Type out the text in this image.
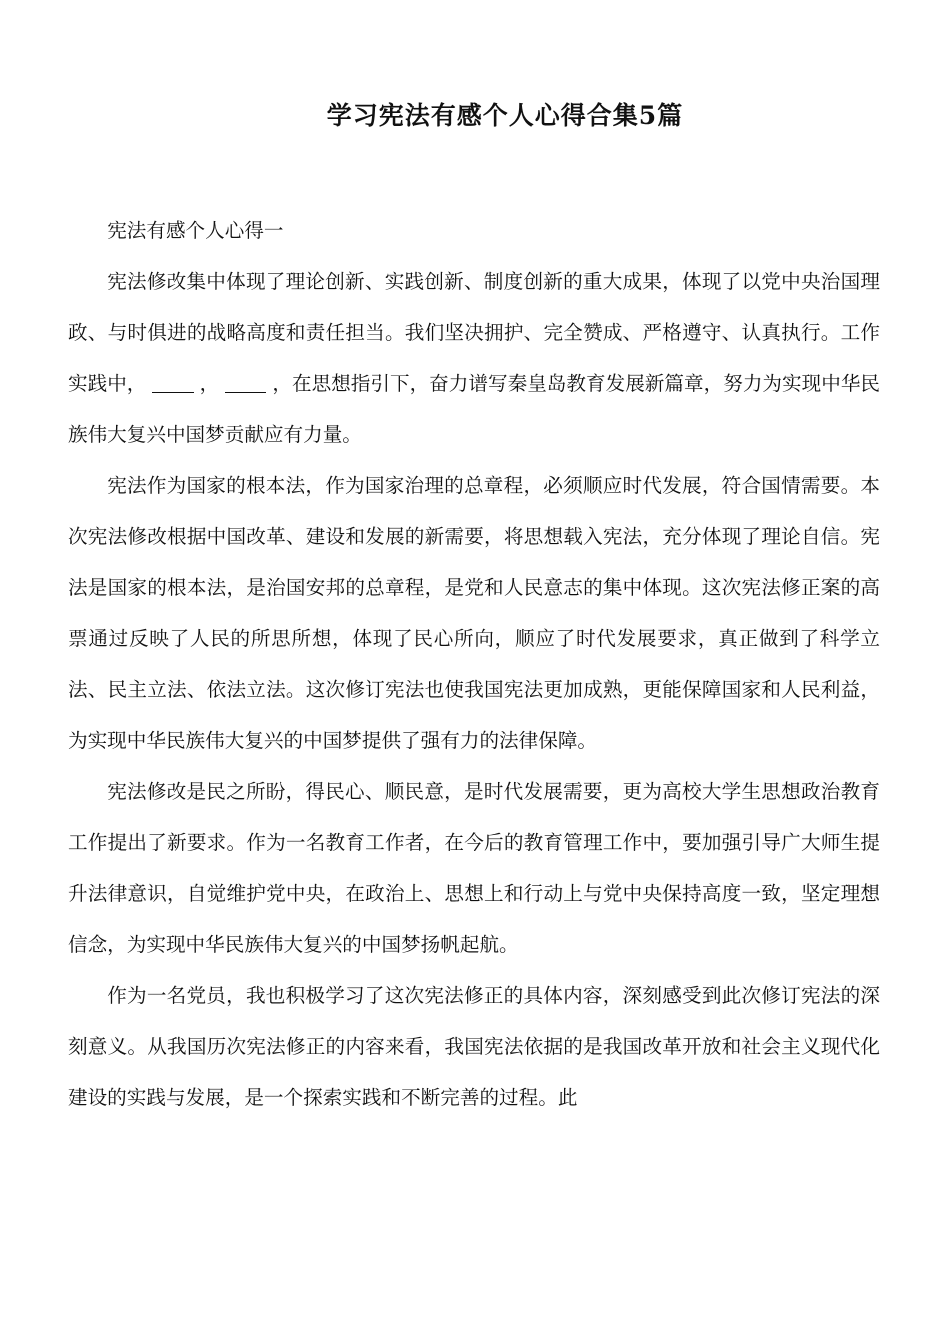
学习宪法有感个人心得合集5篇

宪法有感个人心得一

宪法修改集中体现了理论创新、实践创新、制度创新的重大成果，体现了以党中央治国理政、与时俱进的战略高度和责任担当。我们坚决拥护、完全赞成、严格遵守、认真执行。工作实践中，	，	，在思想指引下，奋力谱写秦皇岛教育发展新篇章，努力为实现中华民族伟大复兴中国梦贡献应有力量。

宪法作为国家的根本法，作为国家治理的总章程，必须顺应时代发展，符合国情需要。本次宪法修改根据中国改革、建设和发展的新需要，将思想载入宪法，充分体现了理论自信。宪法是国家的根本法，是治国安邦的总章程，是党和人民意志的集中体现。这次宪法修正案的高票通过反映了人民的所思所想，体现了民心所向，顺应了时代发展要求，真正做到了科学立法、民主立法、依法立法。这次修订宪法也使我国宪法更加成熟，更能保障国家和人民利益，为实现中华民族伟大复兴的中国梦提供了强有力的法律保障。

宪法修改是民之所盼，得民心、顺民意，是时代发展需要，更为高校大学生思想政治教育工作提出了新要求。作为一名教育工作者，在今后的教育管理工作中，要加强引导广大师生提升法律意识，自觉维护党中央，在政治上、思想上和行动上与党中央保持高度一致，坚定理想信念，为实现中华民族伟大复兴的中国梦扬帆起航。

作为一名党员，我也积极学习了这次宪法修正的具体内容，深刻感受到此次修订宪法的深刻意义。从我国历次宪法修正的内容来看，我国宪法依据的是我国改革开放和社会主义现代化建设的实践与发展，是一个探索实践和不断完善的过程。此
